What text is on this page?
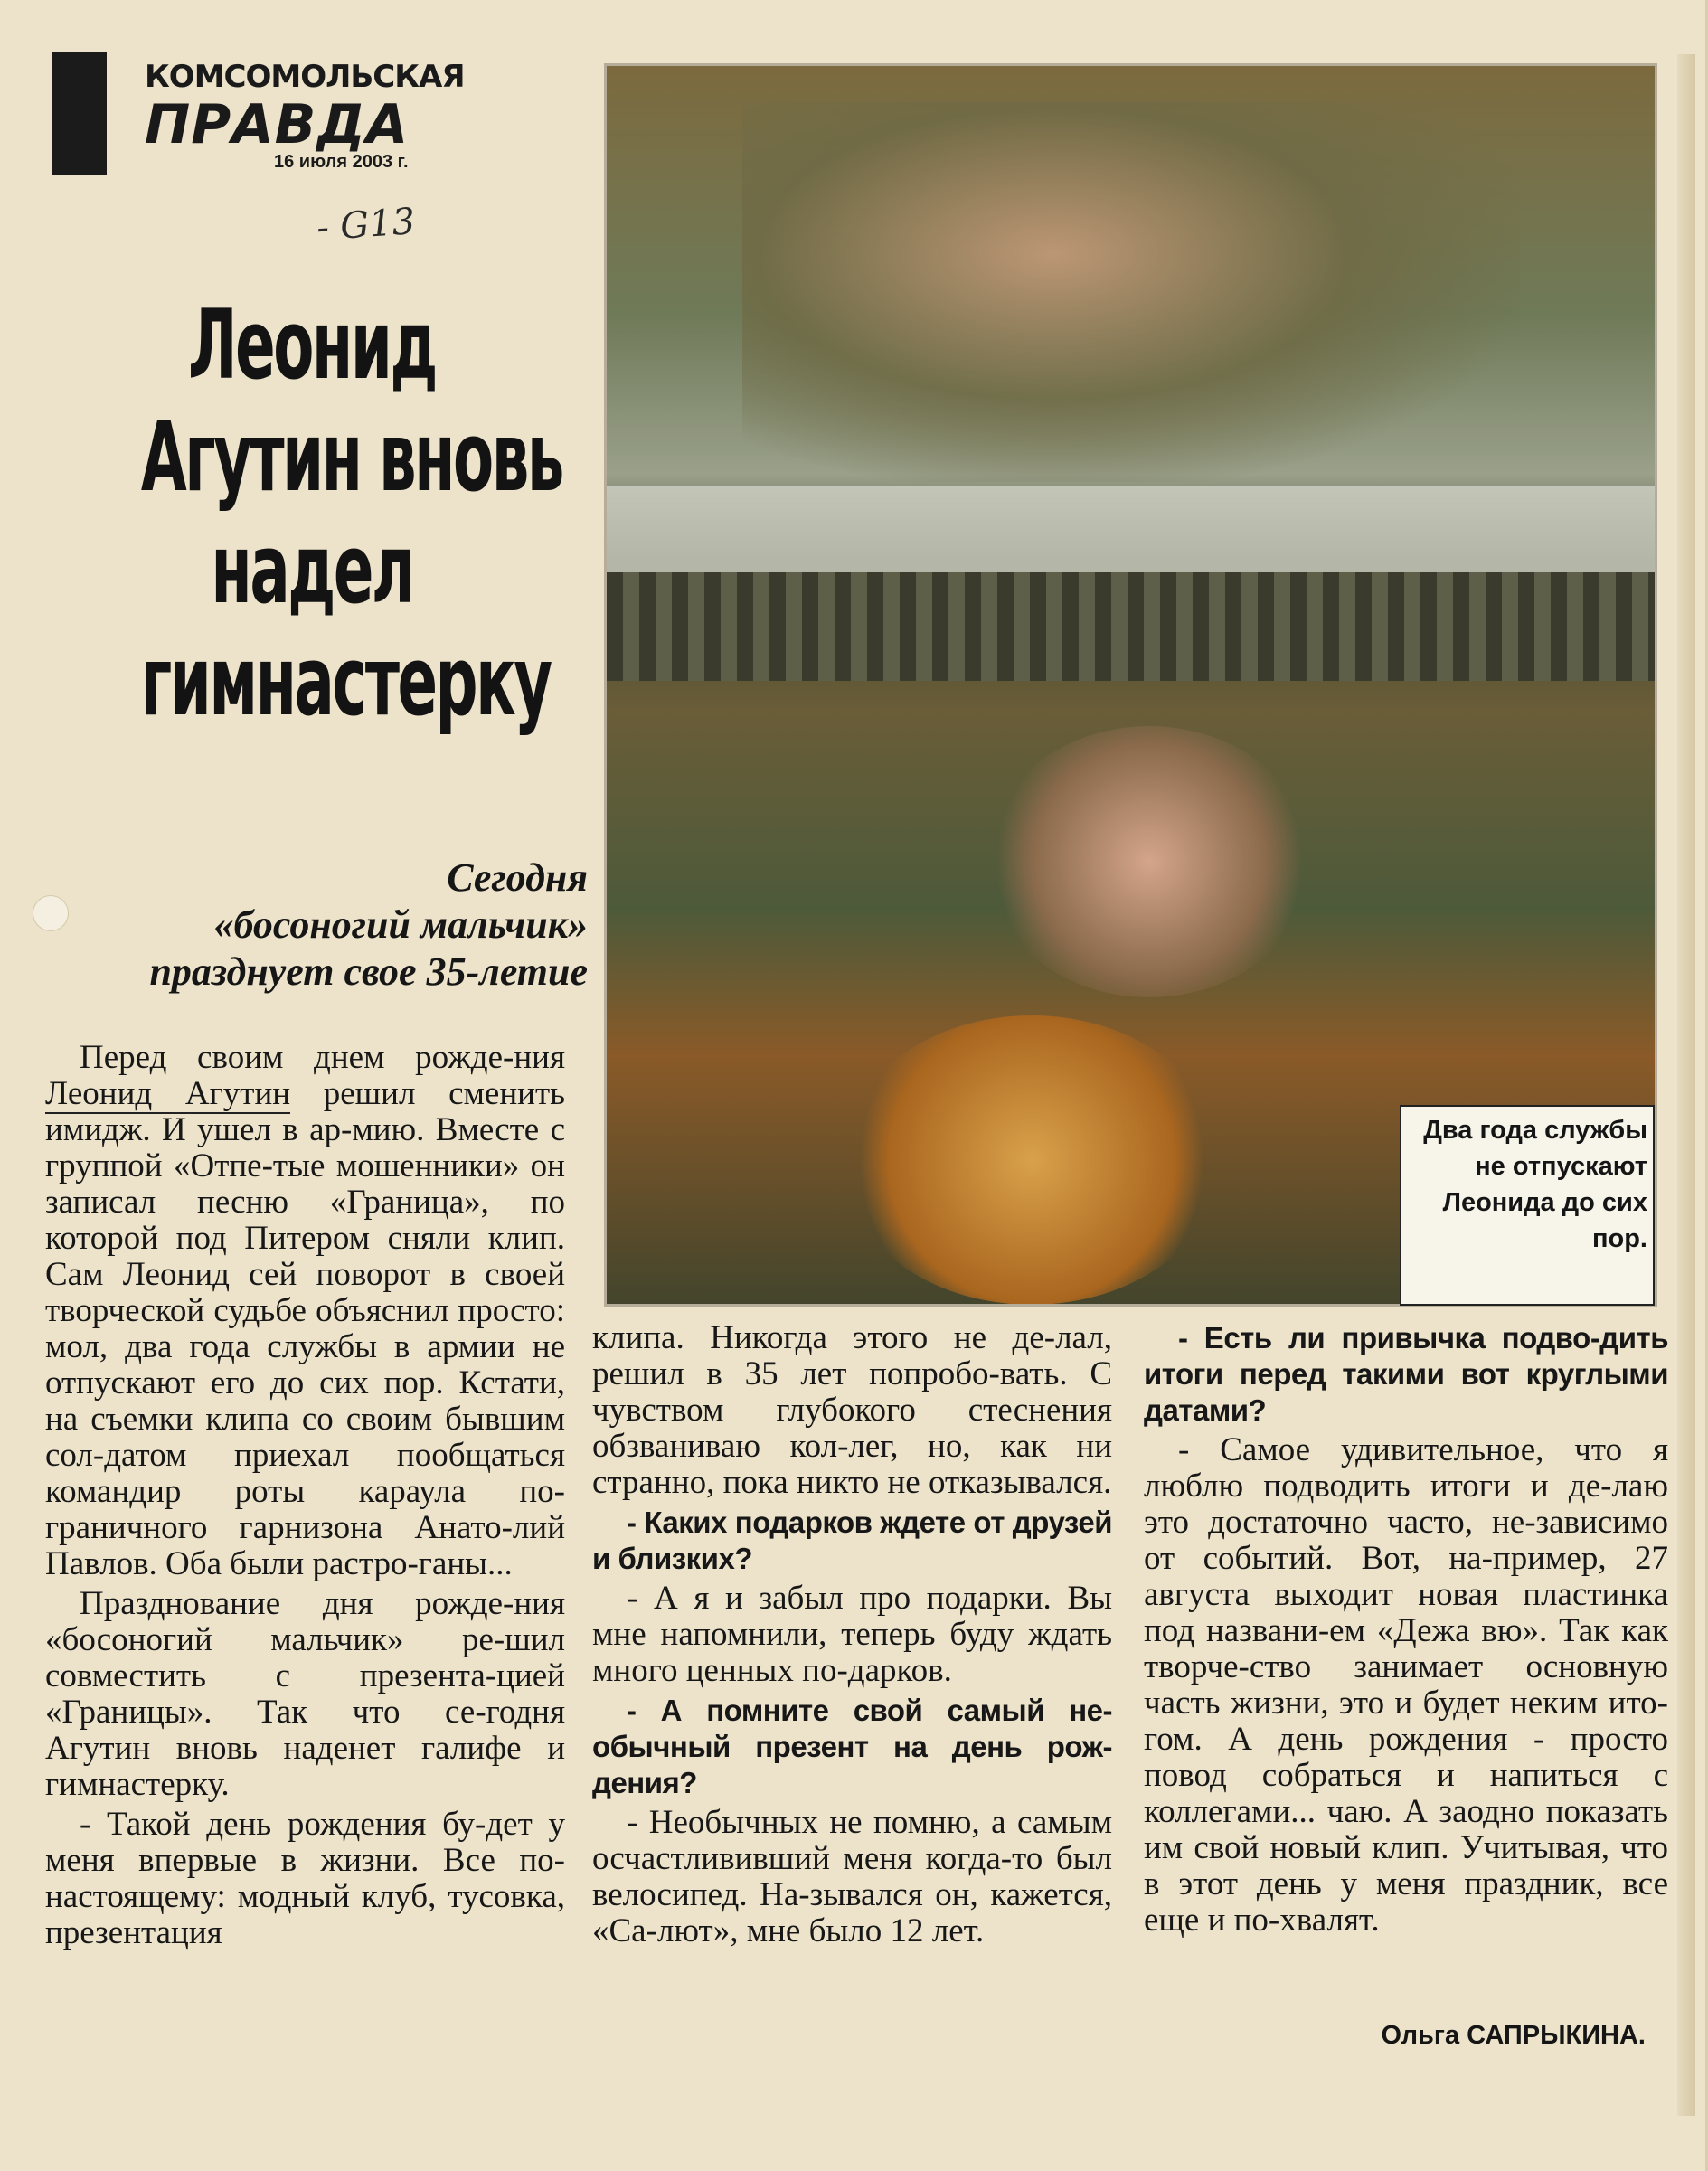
комсомольская
ПРАВДА
16 июля 2003 г.
- G13
Леонид
Агутин вновь
надел
гимнастерку
Сегодня
«босоногий мальчик»
празднует свое 35-летие
Два года службы не отпускают Леонида до сих пор.

Перед своим днем рожде-ния Леонид Агутин решил сменить имидж. И ушел в ар-мию. Вместе с группой «Отпе-тые мошенники» он записал песню «Граница», по которой под Питером сняли клип. Сам Леонид сей поворот в своей творческой судьбе объяснил просто: мол, два года службы в армии не отпускают его до сих пор. Кстати, на съемки клипа со своим бывшим сол-датом приехал пообщаться командир роты караула по-граничного гарнизона Анато-лий Павлов. Оба были растро-ганы...

Празднование дня рожде-ния «босоногий мальчик» ре-шил совместить с презента-цией «Границы». Так что се-годня Агутин вновь наденет галифе и гимнастерку.

- Такой день рождения бу-дет у меня впервые в жизни. Все по-настоящему: модный клуб, тусовка, презентация

клипа. Никогда этого не де-лал, решил в 35 лет попробо-вать. С чувством глубокого стеснения обзваниваю кол-лег, но, как ни странно, пока никто не отказывался.

- Каких подарков ждете от друзей и близких?

- А я и забыл про подарки. Вы мне напомнили, теперь буду ждать много ценных по-дарков.

- А помните свой самый не-обычный презент на день рож-дения?

- Необычных не помню, а самым осчастлививший меня когда-то был велосипед. На-зывался он, кажется, «Са-лют», мне было 12 лет.

- Есть ли привычка подво-дить итоги перед такими вот круглыми датами?

- Самое удивительное, что я люблю подводить итоги и де-лаю это достаточно часто, не-зависимо от событий. Вот, на-пример, 27 августа выходит новая пластинка под названи-ем «Дежа вю». Так как творче-ство занимает основную часть жизни, это и будет неким ито-гом. А день рождения - просто повод собраться и напиться с коллегами... чаю. А заодно показать им свой новый клип. Учитывая, что в этот день у меня праздник, все еще и по-хвалят.

Ольга САПРЫКИНА.
